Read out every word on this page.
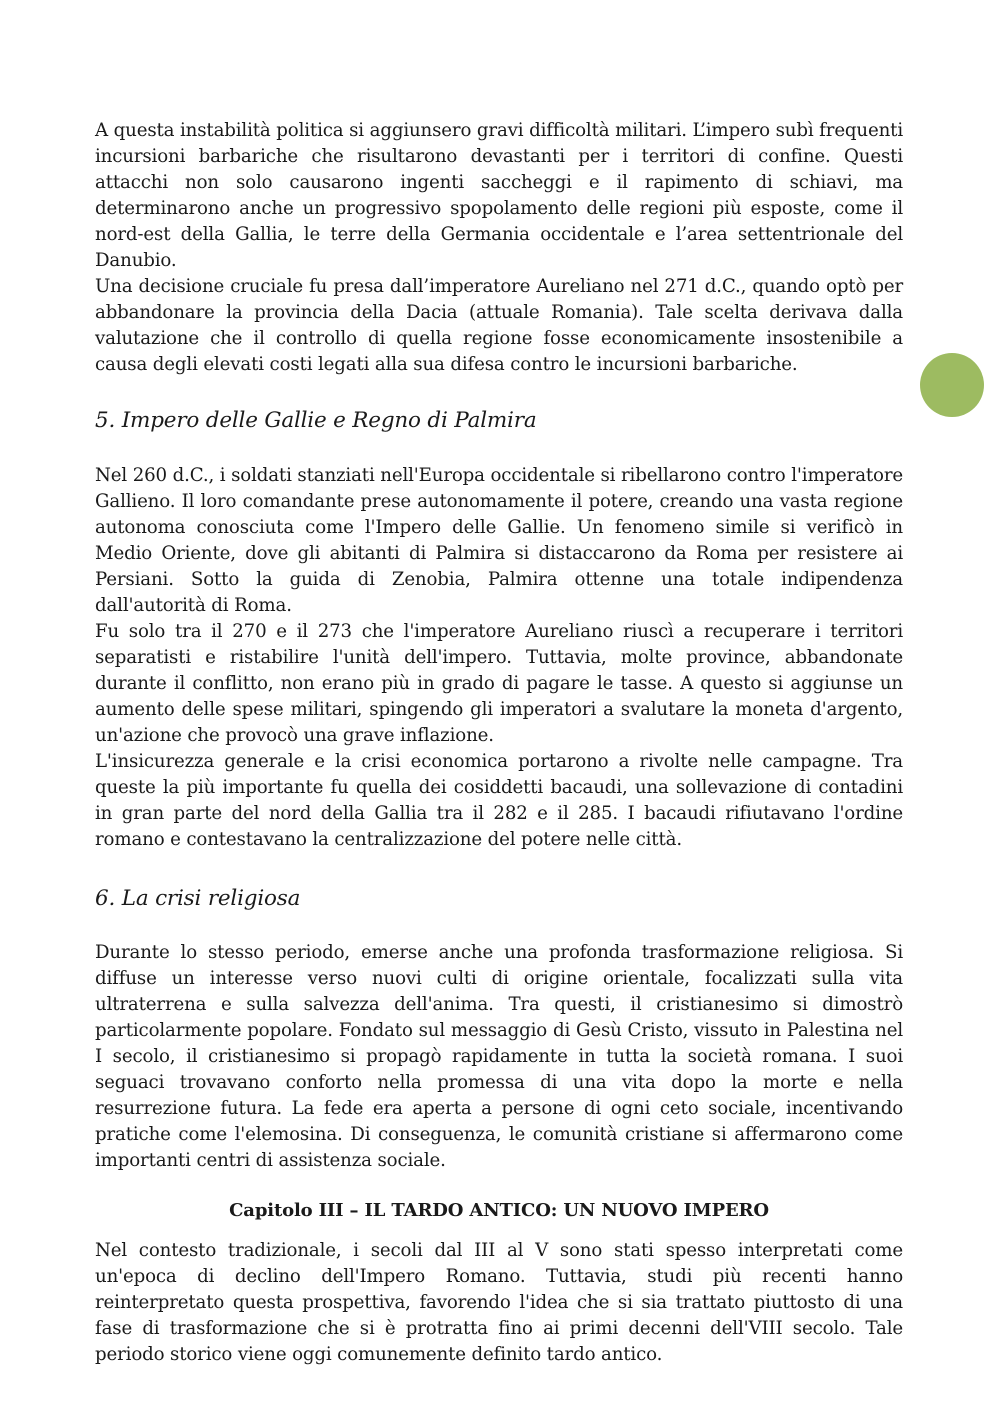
A questa instabilità politica si aggiunsero gravi difficoltà militari. L’impero subì frequenti incursioni barbariche che risultarono devastanti per i territori di confine. Questi attacchi non solo causarono ingenti saccheggi e il rapimento di schiavi, ma determinarono anche un progressivo spopolamento delle regioni più esposte, come il nord-est della Gallia, le terre della Germania occidentale e l’area settentrionale del Danubio.

Una decisione cruciale fu presa dall’imperatore Aureliano nel 271 d.C., quando optò per abbandonare la provincia della Dacia (attuale Romania). Tale scelta derivava dalla valutazione che il controllo di quella regione fosse economicamente insostenibile a causa degli elevati costi legati alla sua difesa contro le incursioni barbariche.

5. Impero delle Gallie e Regno di Palmira

Nel 260 d.C., i soldati stanziati nell'Europa occidentale si ribellarono contro l'imperatore Gallieno. Il loro comandante prese autonomamente il potere, creando una vasta regione autonoma conosciuta come l'Impero delle Gallie. Un fenomeno simile si verificò in Medio Oriente, dove gli abitanti di Palmira si distaccarono da Roma per resistere ai Persiani. Sotto la guida di Zenobia, Palmira ottenne una totale indipendenza dall'autorità di Roma.

Fu solo tra il 270 e il 273 che l'imperatore Aureliano riuscì a recuperare i territori separatisti e ristabilire l'unità dell'impero. Tuttavia, molte province, abbandonate durante il conflitto, non erano più in grado di pagare le tasse. A questo si aggiunse un aumento delle spese militari, spingendo gli imperatori a svalutare la moneta d'argento, un'azione che provocò una grave inflazione.

L'insicurezza generale e la crisi economica portarono a rivolte nelle campagne. Tra queste la più importante fu quella dei cosiddetti bacaudi, una sollevazione di contadini in gran parte del nord della Gallia tra il 282 e il 285. I bacaudi rifiutavano l'ordine romano e contestavano la centralizzazione del potere nelle città.

6. La crisi religiosa

Durante lo stesso periodo, emerse anche una profonda trasformazione religiosa. Si diffuse un interesse verso nuovi culti di origine orientale, focalizzati sulla vita ultraterrena e sulla salvezza dell'anima. Tra questi, il cristianesimo si dimostrò particolarmente popolare. Fondato sul messaggio di Gesù Cristo, vissuto in Palestina nel I secolo, il cristianesimo si propagò rapidamente in tutta la società romana. I suoi seguaci trovavano conforto nella promessa di una vita dopo la morte e nella resurrezione futura. La fede era aperta a persone di ogni ceto sociale, incentivando pratiche come l'elemosina. Di conseguenza, le comunità cristiane si affermarono come importanti centri di assistenza sociale.

Capitolo III – IL TARDO ANTICO: UN NUOVO IMPERO

Nel contesto tradizionale, i secoli dal III al V sono stati spesso interpretati come un'epoca di declino dell'Impero Romano. Tuttavia, studi più recenti hanno reinterpretato questa prospettiva, favorendo l'idea che si sia trattato piuttosto di una fase di trasformazione che si è protratta fino ai primi decenni dell'VIII secolo. Tale periodo storico viene oggi comunemente definito tardo antico.
